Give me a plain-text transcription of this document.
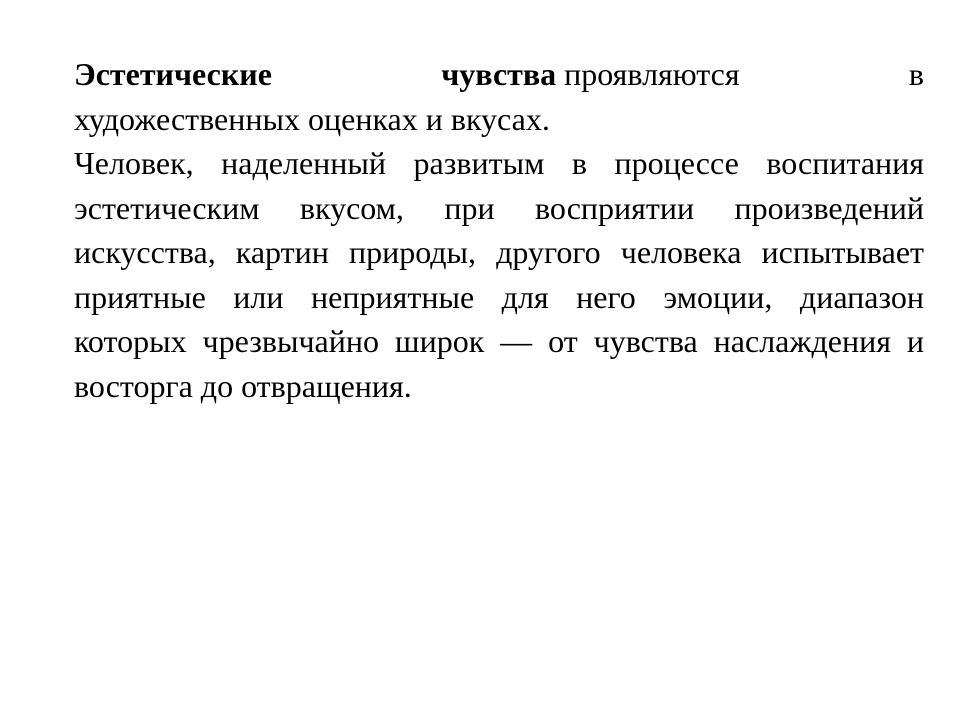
Эстетические	чувства проявляются	в
художественных оценках и вкусах.

Человек, наделенный развитым в процессе воспитания эстетическим вкусом, при восприятии произведений искусства, картин природы, другого человека испытывает приятные или неприятные для него эмоции, диапазон которых чрезвычайно широк — от чувства наслаждения и восторга до отвращения.
